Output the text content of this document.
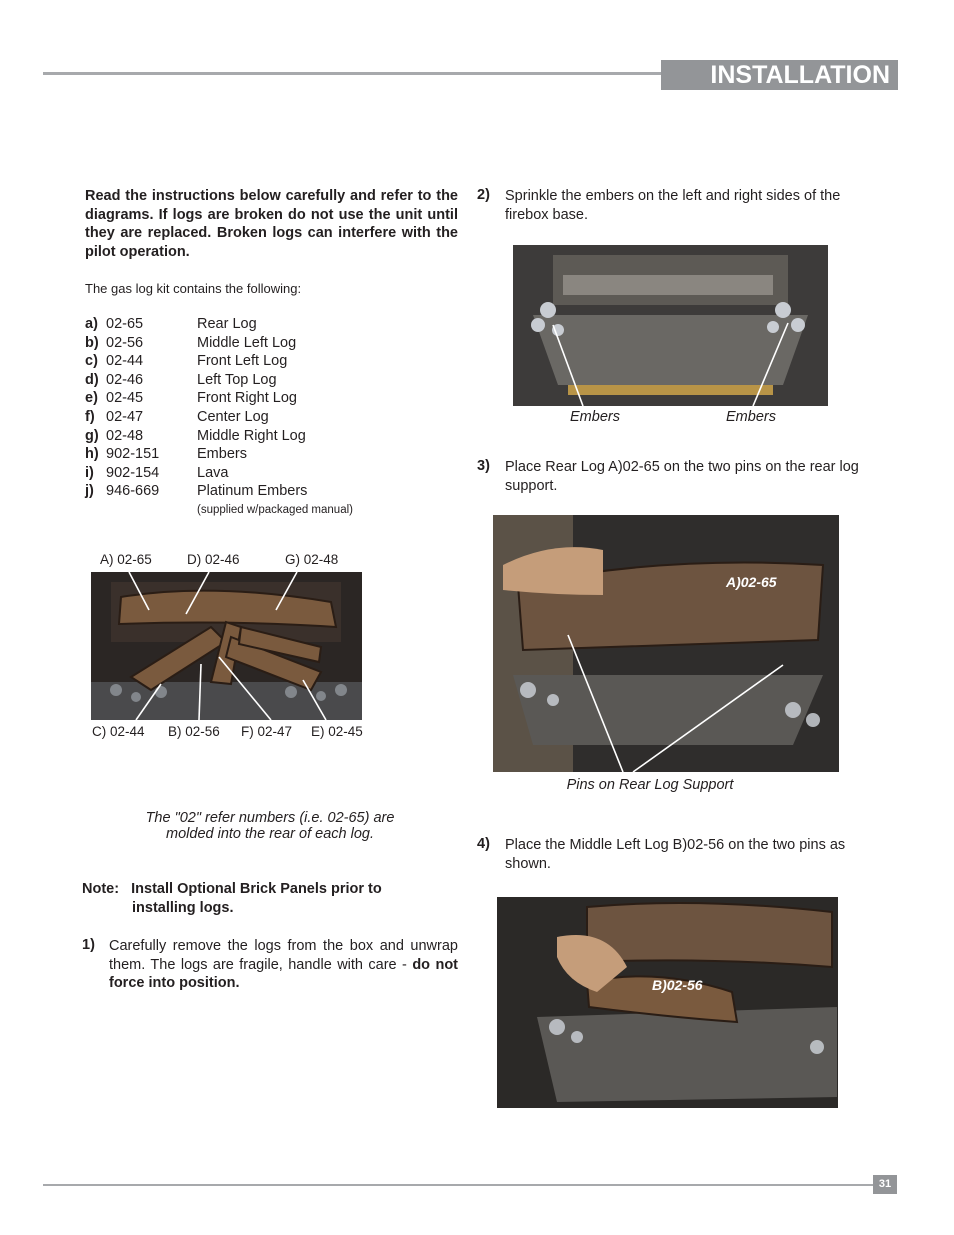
INSTALLATION
Read the instructions below carefully and refer to the diagrams. If logs are broken do not use the unit until they are replaced. Broken logs can interfere with the pilot operation.
The gas log kit contains the following:
a) 02-65	Rear Log
b) 02-56	Middle Left Log
c) 02-44	Front Left Log
d) 02-46	Left Top Log
e) 02-45	Front Right Log
f) 02-47	Center Log
g) 02-48	Middle Right Log
h) 902-151	Embers
i) 902-154	Lava
j) 946-669	Platinum Embers
(supplied w/packaged manual)
A) 02-65	D) 02-46	G) 02-48
C) 02-44 B) 02-56 F) 02-47 E) 02-45
The "02" refer numbers (i.e. 02-65) are
molded into the rear of each log.
Note: Install Optional Brick Panels prior to
installing logs.
1) Carefully remove the logs from the box and unwrap them. The logs are fragile, handle with care - do not force into position.
2) Sprinkle the embers on the left and right sides of the firebox base.
Embers	Embers
3) Place Rear Log A)02-65 on the two pins on the rear log support.
A)02-65
Pins on Rear Log Support
4) Place the Middle Left Log B)02-56 on the two pins as shown.
B)02-56
31
